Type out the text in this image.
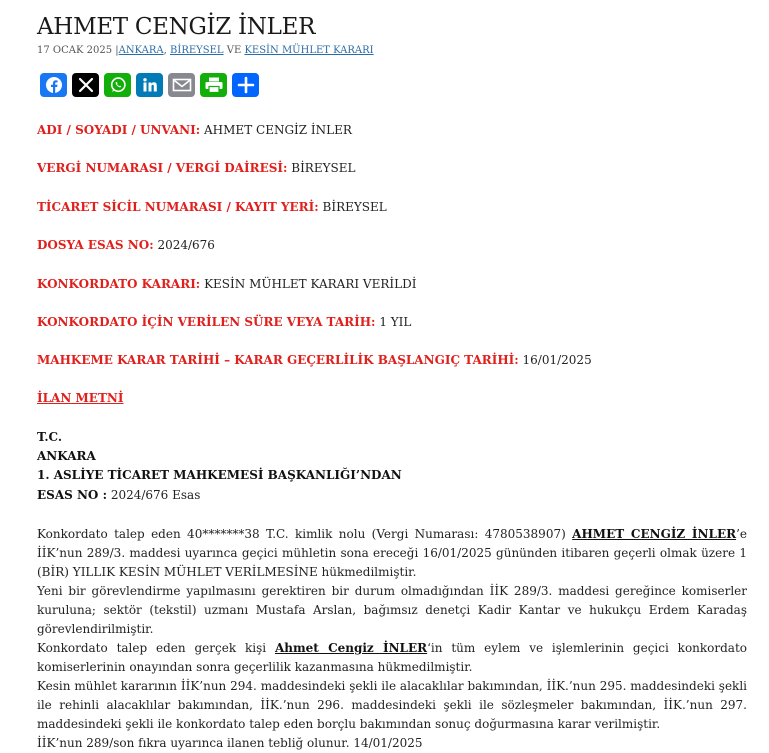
AHMET CENGİZ İNLER
17 OCAK 2025 |ANKARA, BİREYSEL VE KESİN MÜHLET KARARI
ADI / SOYADI / UNVANI: AHMET CENGİZ İNLER
VERGİ NUMARASI / VERGİ DAİRESİ: BİREYSEL
TİCARET SİCİL NUMARASI / KAYIT YERİ: BİREYSEL
DOSYA ESAS NO: 2024/676
KONKORDATO KARARI: KESİN MÜHLET KARARI VERİLDİ
KONKORDATO İÇİN VERİLEN SÜRE VEYA TARİH: 1 YIL
MAHKEME KARAR TARİHİ – KARAR GEÇERLİLİK BAŞLANGIÇ TARİHİ: 16/01/2025
İLAN METNİ
T.C.
ANKARA
1. ASLİYE TİCARET MAHKEMESİ BAŞKANLIĞI’NDAN
ESAS NO : 2024/676 Esas

Konkordato talep eden 40*******38 T.C. kimlik nolu (Vergi Numarası: 4780538907) AHMET CENGİZ İNLER’e İİK’nun 289/3. maddesi uyarınca geçici mühletin sona ereceği 16/01/2025 gününden itibaren geçerli olmak üzere 1 (BİR) YILLIK KESİN MÜHLET VERİLMESİNE hükmedilmiştir.

Yeni bir görevlendirme yapılmasını gerektiren bir durum olmadığından İİK 289/3. maddesi gereğince komiserler kuruluna; sektör (tekstil) uzmanı Mustafa Arslan, bağımsız denetçi Kadir Kantar ve hukukçu Erdem Karadaş görevlendirilmiştir.

Konkordato talep eden gerçek kişi Ahmet Cengiz İNLER‘in tüm eylem ve işlemlerinin geçici konkordato komiserlerinin onayından sonra geçerlilik kazanmasına hükmedilmiştir.

Kesin mühlet kararının İİK’nun 294. maddesindeki şekli ile alacaklılar bakımından, İİK.’nun 295. maddesindeki şekli ile rehinli alacaklılar bakımından, İİK.’nun 296. maddesindeki şekli ile sözleşmeler bakımından, İİK.’nun 297. maddesindeki şekli ile konkordato talep eden borçlu bakımından sonuç doğurmasına karar verilmiştir.

İİK’nun 289/son fıkra uyarınca ilanen tebliğ olunur. 14/01/2025
